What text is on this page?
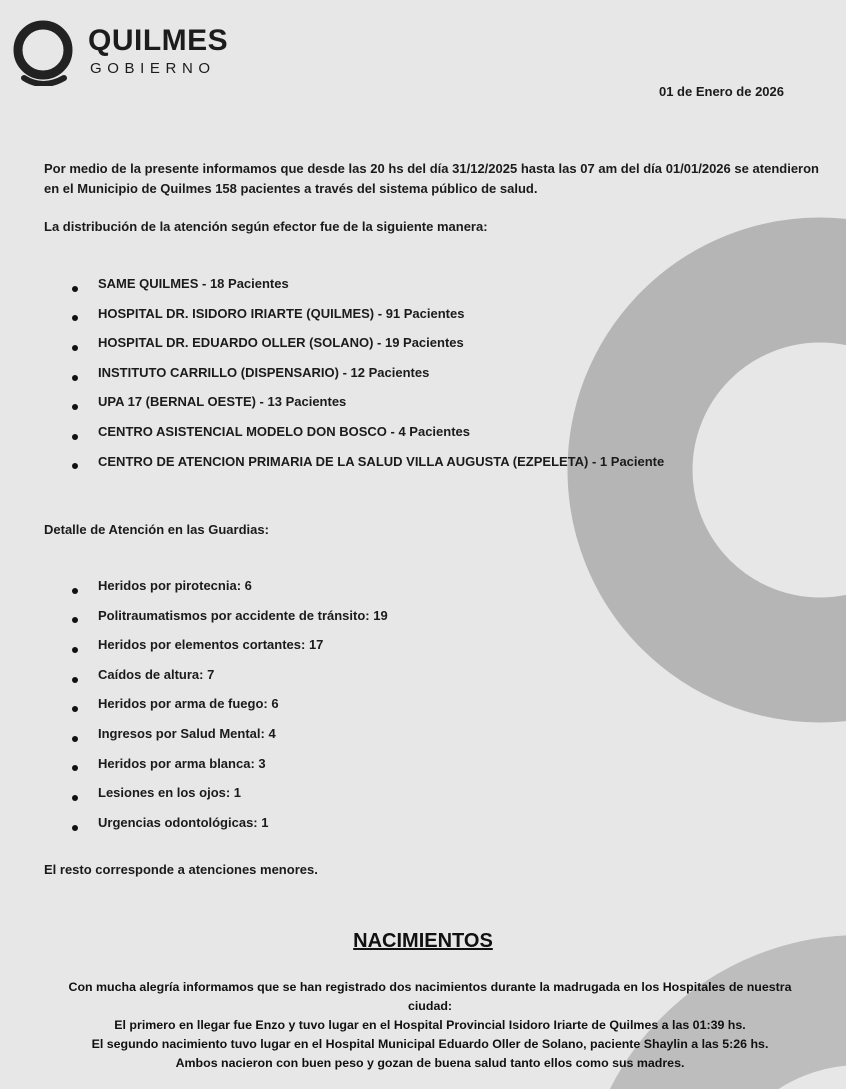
QUILMES
GOBIERNO
01 de Enero de 2026
Por medio de la presente informamos que desde las 20 hs del día 31/12/2025 hasta las 07 am del día 01/01/2026 se atendieron en el Municipio de Quilmes 158 pacientes a través del sistema público de salud.
La distribución de la atención según efector fue de la siguiente manera:
SAME QUILMES - 18 Pacientes
HOSPITAL DR. ISIDORO IRIARTE (QUILMES) - 91 Pacientes
HOSPITAL DR. EDUARDO OLLER (SOLANO) - 19 Pacientes
INSTITUTO CARRILLO (DISPENSARIO) - 12 Pacientes
UPA 17 (BERNAL OESTE) - 13 Pacientes
CENTRO ASISTENCIAL MODELO DON BOSCO - 4 Pacientes
CENTRO DE ATENCION PRIMARIA DE LA SALUD VILLA AUGUSTA (EZPELETA) - 1 Paciente
Detalle de Atención en las Guardias:
Heridos por pirotecnia: 6
Politraumatismos por accidente de tránsito: 19
Heridos por elementos cortantes: 17
Caídos de altura: 7
Heridos por arma de fuego: 6
Ingresos por Salud Mental: 4
Heridos por arma blanca: 3
Lesiones en los ojos: 1
Urgencias odontológicas: 1
El resto corresponde a atenciones menores.
NACIMIENTOS
Con mucha alegría informamos que se han registrado dos nacimientos durante la madrugada en los Hospitales de nuestra ciudad:
El primero en llegar fue Enzo y tuvo lugar en el Hospital Provincial Isidoro Iriarte de Quilmes a las 01:39 hs.
El segundo nacimiento tuvo lugar en el Hospital Municipal Eduardo Oller de Solano, paciente Shaylin a las 5:26 hs.
Ambos nacieron con buen peso y gozan de buena salud tanto ellos como sus madres.
